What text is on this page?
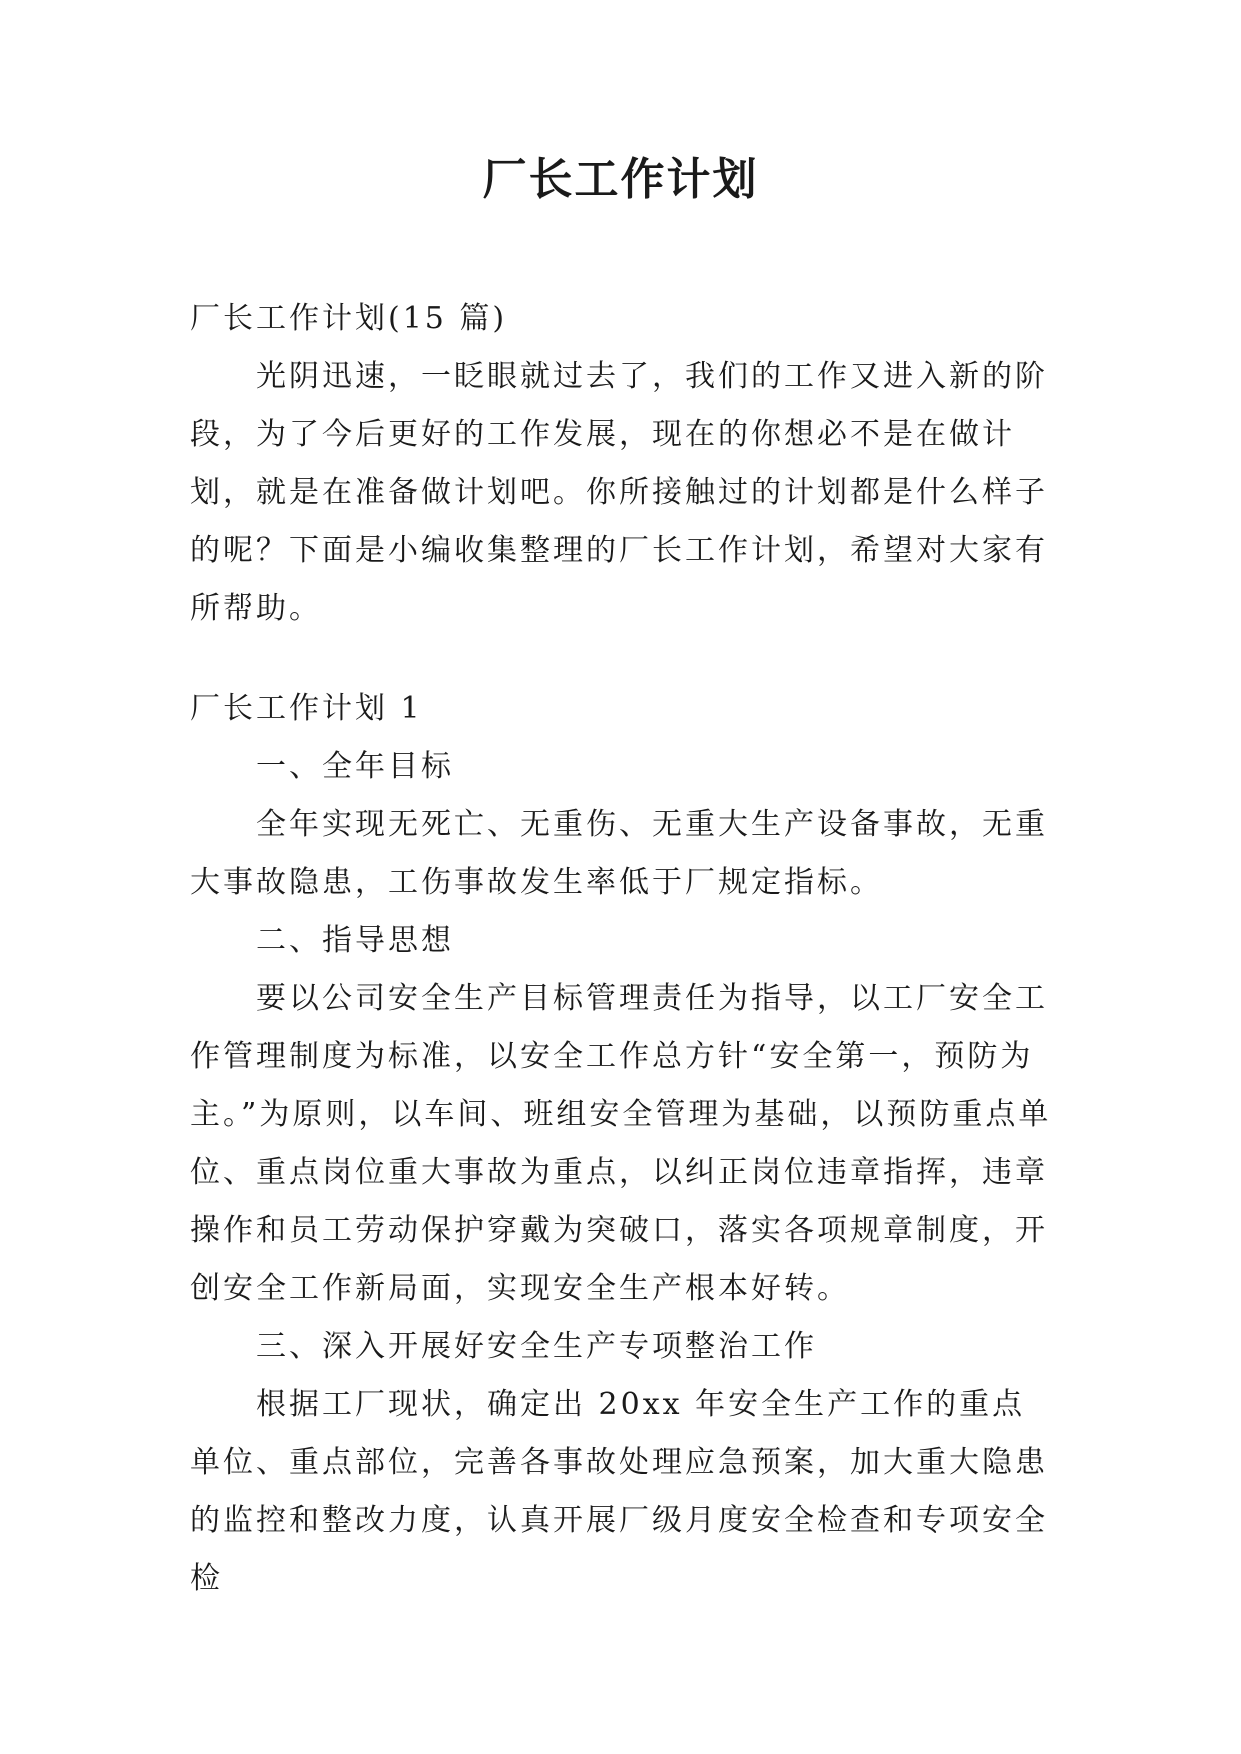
厂长工作计划

厂长工作计划(15 篇)

光阴迅速，一眨眼就过去了，我们的工作又进入新的阶段，为了今后更好的工作发展，现在的你想必不是在做计划，就是在准备做计划吧。你所接触过的计划都是什么样子的呢？下面是小编收集整理的厂长工作计划，希望对大家有所帮助。

厂长工作计划 1

一、全年目标

全年实现无死亡、无重伤、无重大生产设备事故，无重大事故隐患，工伤事故发生率低于厂规定指标。

二、指导思想

要以公司安全生产目标管理责任为指导，以工厂安全工作管理制度为标准，以安全工作总方针“安全第一，预防为主。”为原则，以车间、班组安全管理为基础，以预防重点单位、重点岗位重大事故为重点，以纠正岗位违章指挥，违章操作和员工劳动保护穿戴为突破口，落实各项规章制度，开创安全工作新局面，实现安全生产根本好转。

三、深入开展好安全生产专项整治工作

根据工厂现状，确定出 20xx 年安全生产工作的重点单位、重点部位，完善各事故处理应急预案，加大重大隐患的监控和整改力度，认真开展厂级月度安全检查和专项安全检
